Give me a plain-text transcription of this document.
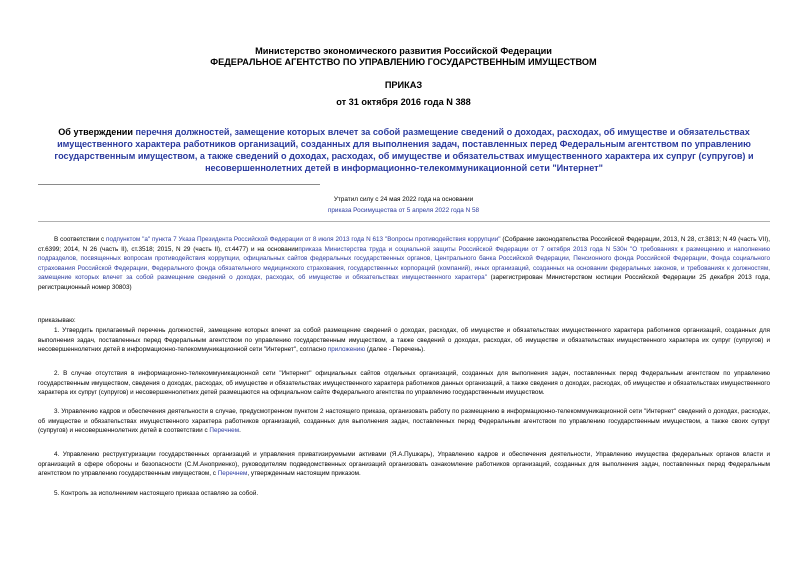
Министерство экономического развития Российской Федерации
ФЕДЕРАЛЬНОЕ АГЕНТСТВО ПО УПРАВЛЕНИЮ ГОСУДАРСТВЕННЫМ ИМУЩЕСТВОМ
ПРИКАЗ
от 31 октября 2016 года N 388
Об утверждении перечня должностей, замещение которых влечет за собой размещение сведений о доходах, расходах, об имуществе и обязательствах имущественного характера работников организаций, созданных для выполнения задач, поставленных перед Федеральным агентством по управлению государственным имуществом, а также сведений о доходах, расходах, об имуществе и обязательствах имущественного характера их супруг (супругов) и несовершеннолетних детей в информационно-телекоммуникационной сети "Интернет"
Утратил силу с 24 мая 2022 года на основании
приказа Росимущества от 5 апреля 2022 года N 58
В соответствии с подпунктом "а" пункта 7 Указа Президента Российской Федерации от 8 июля 2013 года N 613 "Вопросы противодействия коррупции" (Собрание законодательства Российской Федерации, 2013, N 28, ст.3813; N 49 (часть VII), ст.6399; 2014, N 26 (часть II), ст.3518; 2015, N 29 (часть II), ст.4477) и на основанииприказа Министерства труда и социальной защиты Российской Федерации от 7 октября 2013 года N 530н "О требованиях к размещению и наполнению подразделов, посвященных вопросам противодействия коррупции, официальных сайтов федеральных государственных органов, Центрального банка Российской Федерации, Пенсионного фонда Российской Федерации, Фонда социального страхования Российской Федерации, Федерального фонда обязательного медицинского страхования, государственных корпораций (компаний), иных организаций, созданных на основании федеральных законов, и требованиях к должностям, замещение которых влечет за собой размещение сведений о доходах, расходах, об имуществе и обязательствах имущественного характера" (зарегистрирован Министерством юстиции Российской Федерации 25 декабря 2013 года, регистрационный номер 30803)
приказываю:
1. Утвердить прилагаемый перечень должностей, замещение которых влечет за собой размещение сведений о доходах, расходах, об имуществе и обязательствах имущественного характера работников организаций, созданных для выполнения задач, поставленных перед Федеральным агентством по управлению государственным имуществом, а также сведений о доходах, расходах, об имуществе и обязательствах имущественного характера их супруг (супругов) и несовершеннолетних детей в информационно-телекоммуникационной сети "Интернет", согласно приложению (далее - Перечень).
2. В случае отсутствия в информационно-телекоммуникационной сети "Интернет" официальных сайтов отдельных организаций, созданных для выполнения задач, поставленных перед Федеральным агентством по управлению государственным имуществом, сведения о доходах, расходах, об имуществе и обязательствах имущественного характера работников данных организаций, а также сведения о доходах, расходах, об имуществе и обязательствах имущественного характера их супруг (супругов) и несовершеннолетних детей размещаются на официальном сайте Федерального агентства по управлению государственным имуществом.
3. Управлению кадров и обеспечения деятельности в случае, предусмотренном пунктом 2 настоящего приказа, организовать работу по размещению в информационно-телекоммуникационной сети "Интернет" сведений о доходах, расходах, об имуществе и обязательствах имущественного характера работников организаций, созданных для выполнения задач, поставленных перед Федеральным агентством по управлению государственным имуществом, а также своих супруг (супругов) и несовершеннолетних детей в соответствии с Перечнем.
4. Управлению реструктуризации государственных организаций и управления приватизируемыми активами (Я.А.Пушкарь), Управлению кадров и обеспечения деятельности, Управлению имущества федеральных органов власти и организаций в сфере обороны и безопасности (С.М.Аноприенко), руководителям подведомственных организаций организовать ознакомление работников организаций, созданных для выполнения задач, поставленных перед Федеральным агентством по управлению государственным имуществом, с Перечнем, утвержденным настоящим приказом.
5. Контроль за исполнением настоящего приказа оставляю за собой.
